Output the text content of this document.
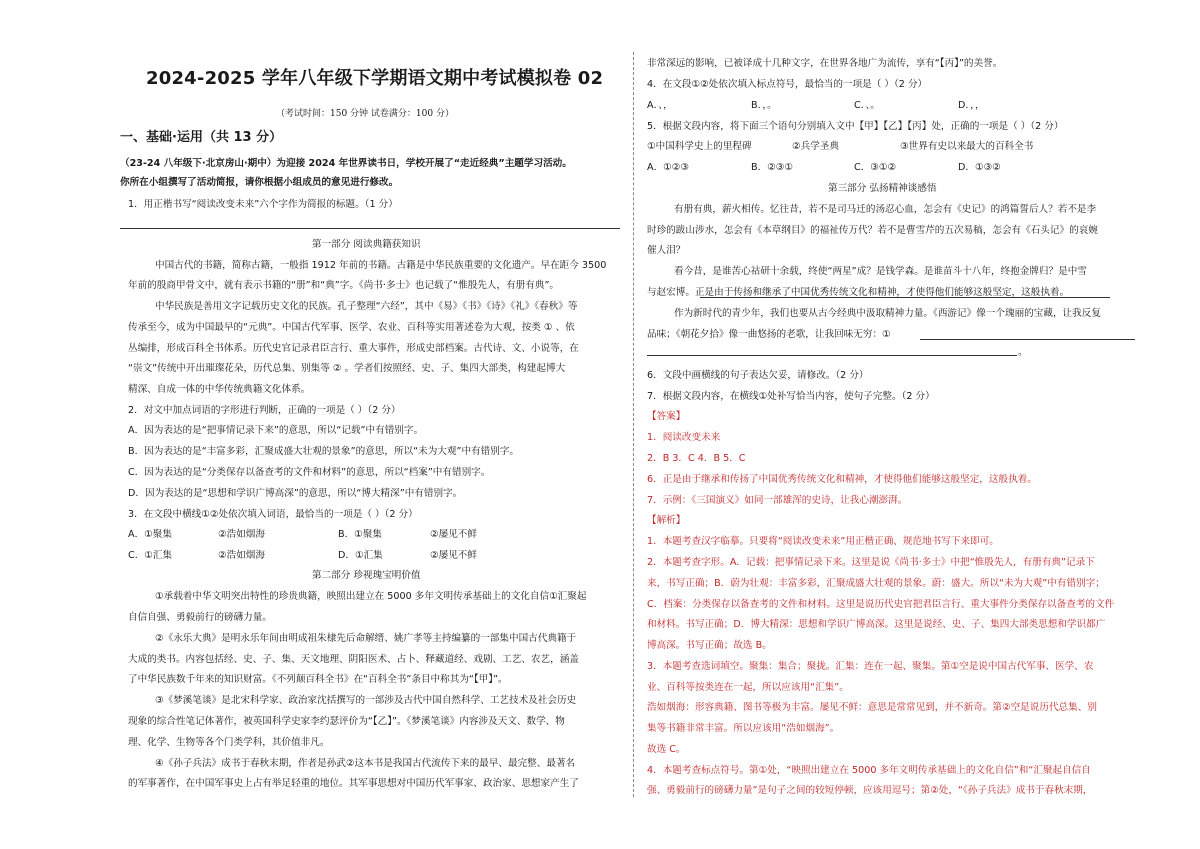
2024-2025 学年八年级下学期语文期中考试模拟卷 02
（考试时间：150 分钟 试卷满分：100 分）
一、基础·运用（共 13 分）
（23-24 八年级下·北京房山·期中）为迎接 2024 年世界读书日，学校开展了“走近经典”主题学习活动。
你所在小组撰写了活动简报，请你根据小组成员的意见进行修改。
1．用正楷书写“阅读改变未来”六个字作为简报的标题。（1 分）
第一部分 阅读典籍获知识
中国古代的书籍，简称古籍，一般指 1912 年前的书籍。古籍是中华民族重要的文化遗产。早在距今 3500
年前的殷商甲骨文中，就有表示书籍的“册”和“典”字。《尚书·多士》也记载了“惟殷先人，有册有典”。
中华民族是善用文字记载历史文化的民族。孔子整理“六经”，其中《易》《书》《诗》《礼》《春秋》等
传承至今，成为中国最早的“元典”。中国古代军事、医学、农业、百科等实用著述卷为大观，按类 ① 、依
丛编排，形成百科全书体系。历代史官记录君臣言行、重大事件，形成史部档案。古代诗、文、小说等，在
“崇文”传统中开出璀璨花朵，历代总集、别集等 ② 。学者们按照经、史、子、集四大部类，构建起博大
精深、自成一体的中华传统典籍文化体系。
2．对文中加点词语的字形进行判断，正确的一项是（ ）（2 分）
A．因为表达的是“把事情记录下来”的意思，所以“记载”中有错别字。
B．因为表达的是“丰富多彩，汇聚成盛大壮观的景象”的意思，所以“未为大观”中有错别字。
C．因为表达的是“分类保存以备查考的文件和材料”的意思，所以“档案”中有错别字。
D．因为表达的是“思想和学识广博高深”的意思，所以“博大精深”中有错别字。
3．在文段中横线①②处依次填入词语，最恰当的一项是（ ）（2 分）
A．①聚集	②浩如烟海	B．①聚集	②屡见不鲜
C．①汇集	②浩如烟海	D．①汇集	②屡见不鲜
第二部分 珍视瑰宝明价值
①承载着中华文明突出特性的珍贵典籍，映照出建立在 5000 多年文明传承基础上的文化自信①汇聚起
自信自强、勇毅前行的磅礴力量。
②《永乐大典》是明永乐年间由明成祖朱棣先后命解缙、姚广孝等主持编纂的一部集中国古代典籍于
大成的类书。内容包括经、史、子、集、天文地理、阴阳医术、占卜、释藏道经、戏剧、工艺、农艺，涵盖
了中华民族数千年来的知识财富。《不列颠百科全书》在“百科全书”条目中称其为“【甲】”。
③《梦溪笔谈》是北宋科学家、政治家沈括撰写的一部涉及古代中国自然科学、工艺技术及社会历史
现象的综合性笔记体著作，被英国科学史家李约瑟评价为“【乙】”。《梦溪笔谈》内容涉及天文、数学、物
理、化学、生物等各个门类学科，其价值非凡。
④《孙子兵法》成书于春秋末期，作者是孙武②这本书是我国古代流传下来的最早、最完整、最著名
的军事著作，在中国军事史上占有举足轻重的地位。其军事思想对中国历代军事家、政治家、思想家产生了
非常深远的影响，已被译成十几种文字，在世界各地广为流传，享有“【丙】”的美誉。
4．在文段①②处依次填入标点符号，最恰当的一项是（ ）（2 分）
A．、，	B．，。	C．、。	D．，，
5．根据文段内容，将下面三个语句分别填入文中【甲】【乙】【丙】处，正确的一项是（ ）（2 分）
①中国科学史上的里程碑	②兵学圣典	③世界有史以来最大的百科全书
A．①②③	B．②③①	C．③①②	D．①③②
第三部分 弘扬精神谈感悟
有册有典，薪火相传。忆往昔，若不是司马迁的汤忍心血，怎会有《史记》的鸿篇誓后人？若不是李
时珍的跋山涉水，怎会有《本草纲目》的福祉传万代？若不是曹雪芹的五次易稿，怎会有《石头记》的哀婉
催人泪？
看今昔，是谁苦心祜研十余载，终使“两星”成？是钱学森。是谁苗斗十八年，终抱金牌归？是中雪
与赵宏博。正是由于传扬和继承了中国优秀传统文化和精神，才使得他们能够这般坚定，这般执着。
作为新时代的青少年，我们也要从古今经典中汲取精神力量。《西游记》像一个瑰丽的宝藏，让我反复
品味；《朝花夕拾》像一曲悠扬的老歌，让我回味无穷：①
。
6．文段中画横线的句子表达欠妥，请修改。（2 分）
7．根据文段内容，在横线①处补写恰当内容，使句子完整。（2 分）
【答案】
1．阅读改变未来
2．B 3．C 4．B 5．C
6．正是由于继承和传扬了中国优秀传统文化和精神，才使得他们能够这般坚定，这般执着。
7．示例：《三国演义》如同一部雄浑的史诗，让我心潮澎湃。
【解析】
1．本题考查汉字临摹。只要将“阅读改变未来”用正楷正确、规范地书写下来即可。
2．本题考查字形。A．记载：把事情记录下来。这里是说《尚书·多士》中把“惟殷先人，有册有典”记录下
来，书写正确；B．蔚为壮观：丰富多彩，汇聚成盛大壮观的景象。蔚：盛大。所以“未为大观”中有错别字；
C．档案：分类保存以备查考的文件和材料。这里是说历代史官把君臣言行、重大事件分类保存以备查考的文件
和材料。书写正确；D．博大精深：思想和学识广博高深。这里是说经、史、子、集四大部类思想和学识都广
博高深。书写正确；故选 B。
3．本题考查选词填空。聚集：集合；聚拢。汇集：连在一起、聚集。第①空是说中国古代军事、医学、农
业、百科等按类连在一起，所以应该用“汇集”。
浩如烟海：形容典籍、图书等极为丰富。屡见不鲜：意思是常常见到，并不新奇。第②空是说历代总集、别
集等书籍非常丰富。所以应该用“浩如烟海”。
故选 C。
4．本题考查标点符号。第①处，“映照出建立在 5000 多年文明传承基础上的文化自信”和“汇聚起自信自
强、勇毅前行的磅礴力量”是句子之间的较短停顿，应该用逗号；第②处，“《孙子兵法》成书于春秋末期，
